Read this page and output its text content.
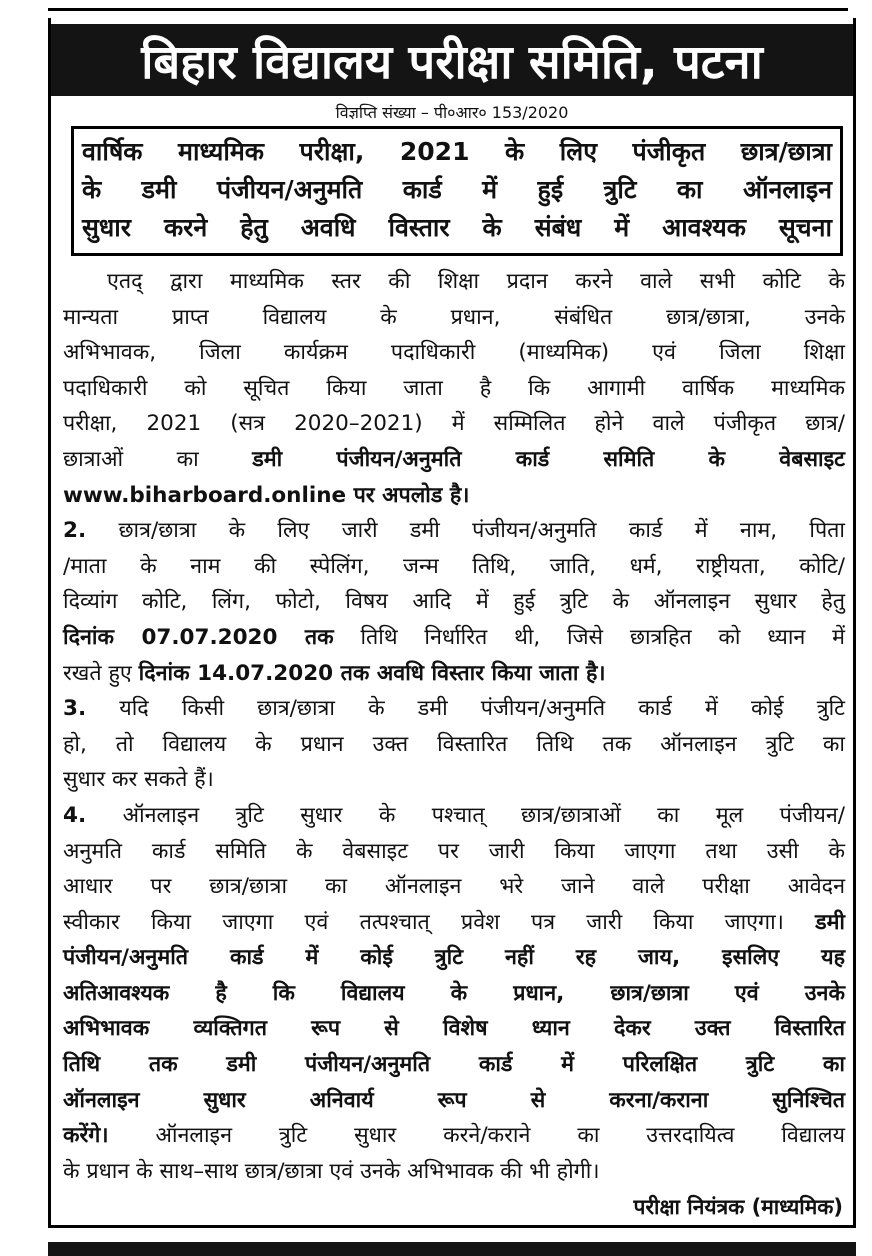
बिहार विद्यालय परीक्षा समिति, पटना
विज्ञप्ति संख्या – पी०आर० 153/2020
वार्षिक माध्यमिक परीक्षा, 2021 के लिए पंजीकृत छात्र/छात्रा
के डमी पंजीयन/अनुमति कार्ड में हुई त्रुटि का ऑनलाइन
सुधार करने हेतु अवधि विस्तार के संबंध में आवश्यक सूचना
एतद् द्वारा माध्यमिक स्तर की शिक्षा प्रदान करने वाले सभी कोटि के
मान्यता प्राप्त विद्यालय के प्रधान, संबंधित छात्र/छात्रा, उनके
अभिभावक, जिला कार्यक्रम पदाधिकारी (माध्यमिक) एवं जिला शिक्षा
पदाधिकारी को सूचित किया जाता है कि आगामी वार्षिक माध्यमिक
परीक्षा, 2021 (सत्र 2020–2021) में सम्मिलित होने वाले पंजीकृत छात्र/
छात्राओं का डमी पंजीयन/अनुमति कार्ड समिति के वेबसाइट
www.biharboard.online पर अपलोड है।
2. छात्र/छात्रा के लिए जारी डमी पंजीयन/अनुमति कार्ड में नाम, पिता
/माता के नाम की स्पेलिंग, जन्म तिथि, जाति, धर्म, राष्ट्रीयता, कोटि/
दिव्यांग कोटि, लिंग, फोटो, विषय आदि में हुई त्रुटि के ऑनलाइन सुधार हेतु
दिनांक 07.07.2020 तक तिथि निर्धारित थी, जिसे छात्रहित को ध्यान में
रखते हुए दिनांक 14.07.2020 तक अवधि विस्तार किया जाता है।
3. यदि किसी छात्र/छात्रा के डमी पंजीयन/अनुमति कार्ड में कोई त्रुटि
हो, तो विद्यालय के प्रधान उक्त विस्तारित तिथि तक ऑनलाइन त्रुटि का
सुधार कर सकते हैं।
4. ऑनलाइन त्रुटि सुधार के पश्चात् छात्र/छात्राओं का मूल पंजीयन/
अनुमति कार्ड समिति के वेबसाइट पर जारी किया जाएगा तथा उसी के
आधार पर छात्र/छात्रा का ऑनलाइन भरे जाने वाले परीक्षा आवेदन
स्वीकार किया जाएगा एवं तत्पश्चात् प्रवेश पत्र जारी किया जाएगा। डमी
पंजीयन/अनुमति कार्ड में कोई त्रुटि नहीं रह जाय, इसलिए यह
अतिआवश्यक है कि विद्यालय के प्रधान, छात्र/छात्रा एवं उनके
अभिभावक व्यक्तिगत रूप से विशेष ध्यान देकर उक्त विस्तारित
तिथि तक डमी पंजीयन/अनुमति कार्ड में परिलक्षित त्रुटि का
ऑनलाइन सुधार अनिवार्य रूप से करना/कराना सुनिश्चित
करेंगे। ऑनलाइन त्रुटि सुधार करने/कराने का उत्तरदायित्व विद्यालय
के प्रधान के साथ–साथ छात्र/छात्रा एवं उनके अभिभावक की भी होगी।
परीक्षा नियंत्रक (माध्यमिक)
